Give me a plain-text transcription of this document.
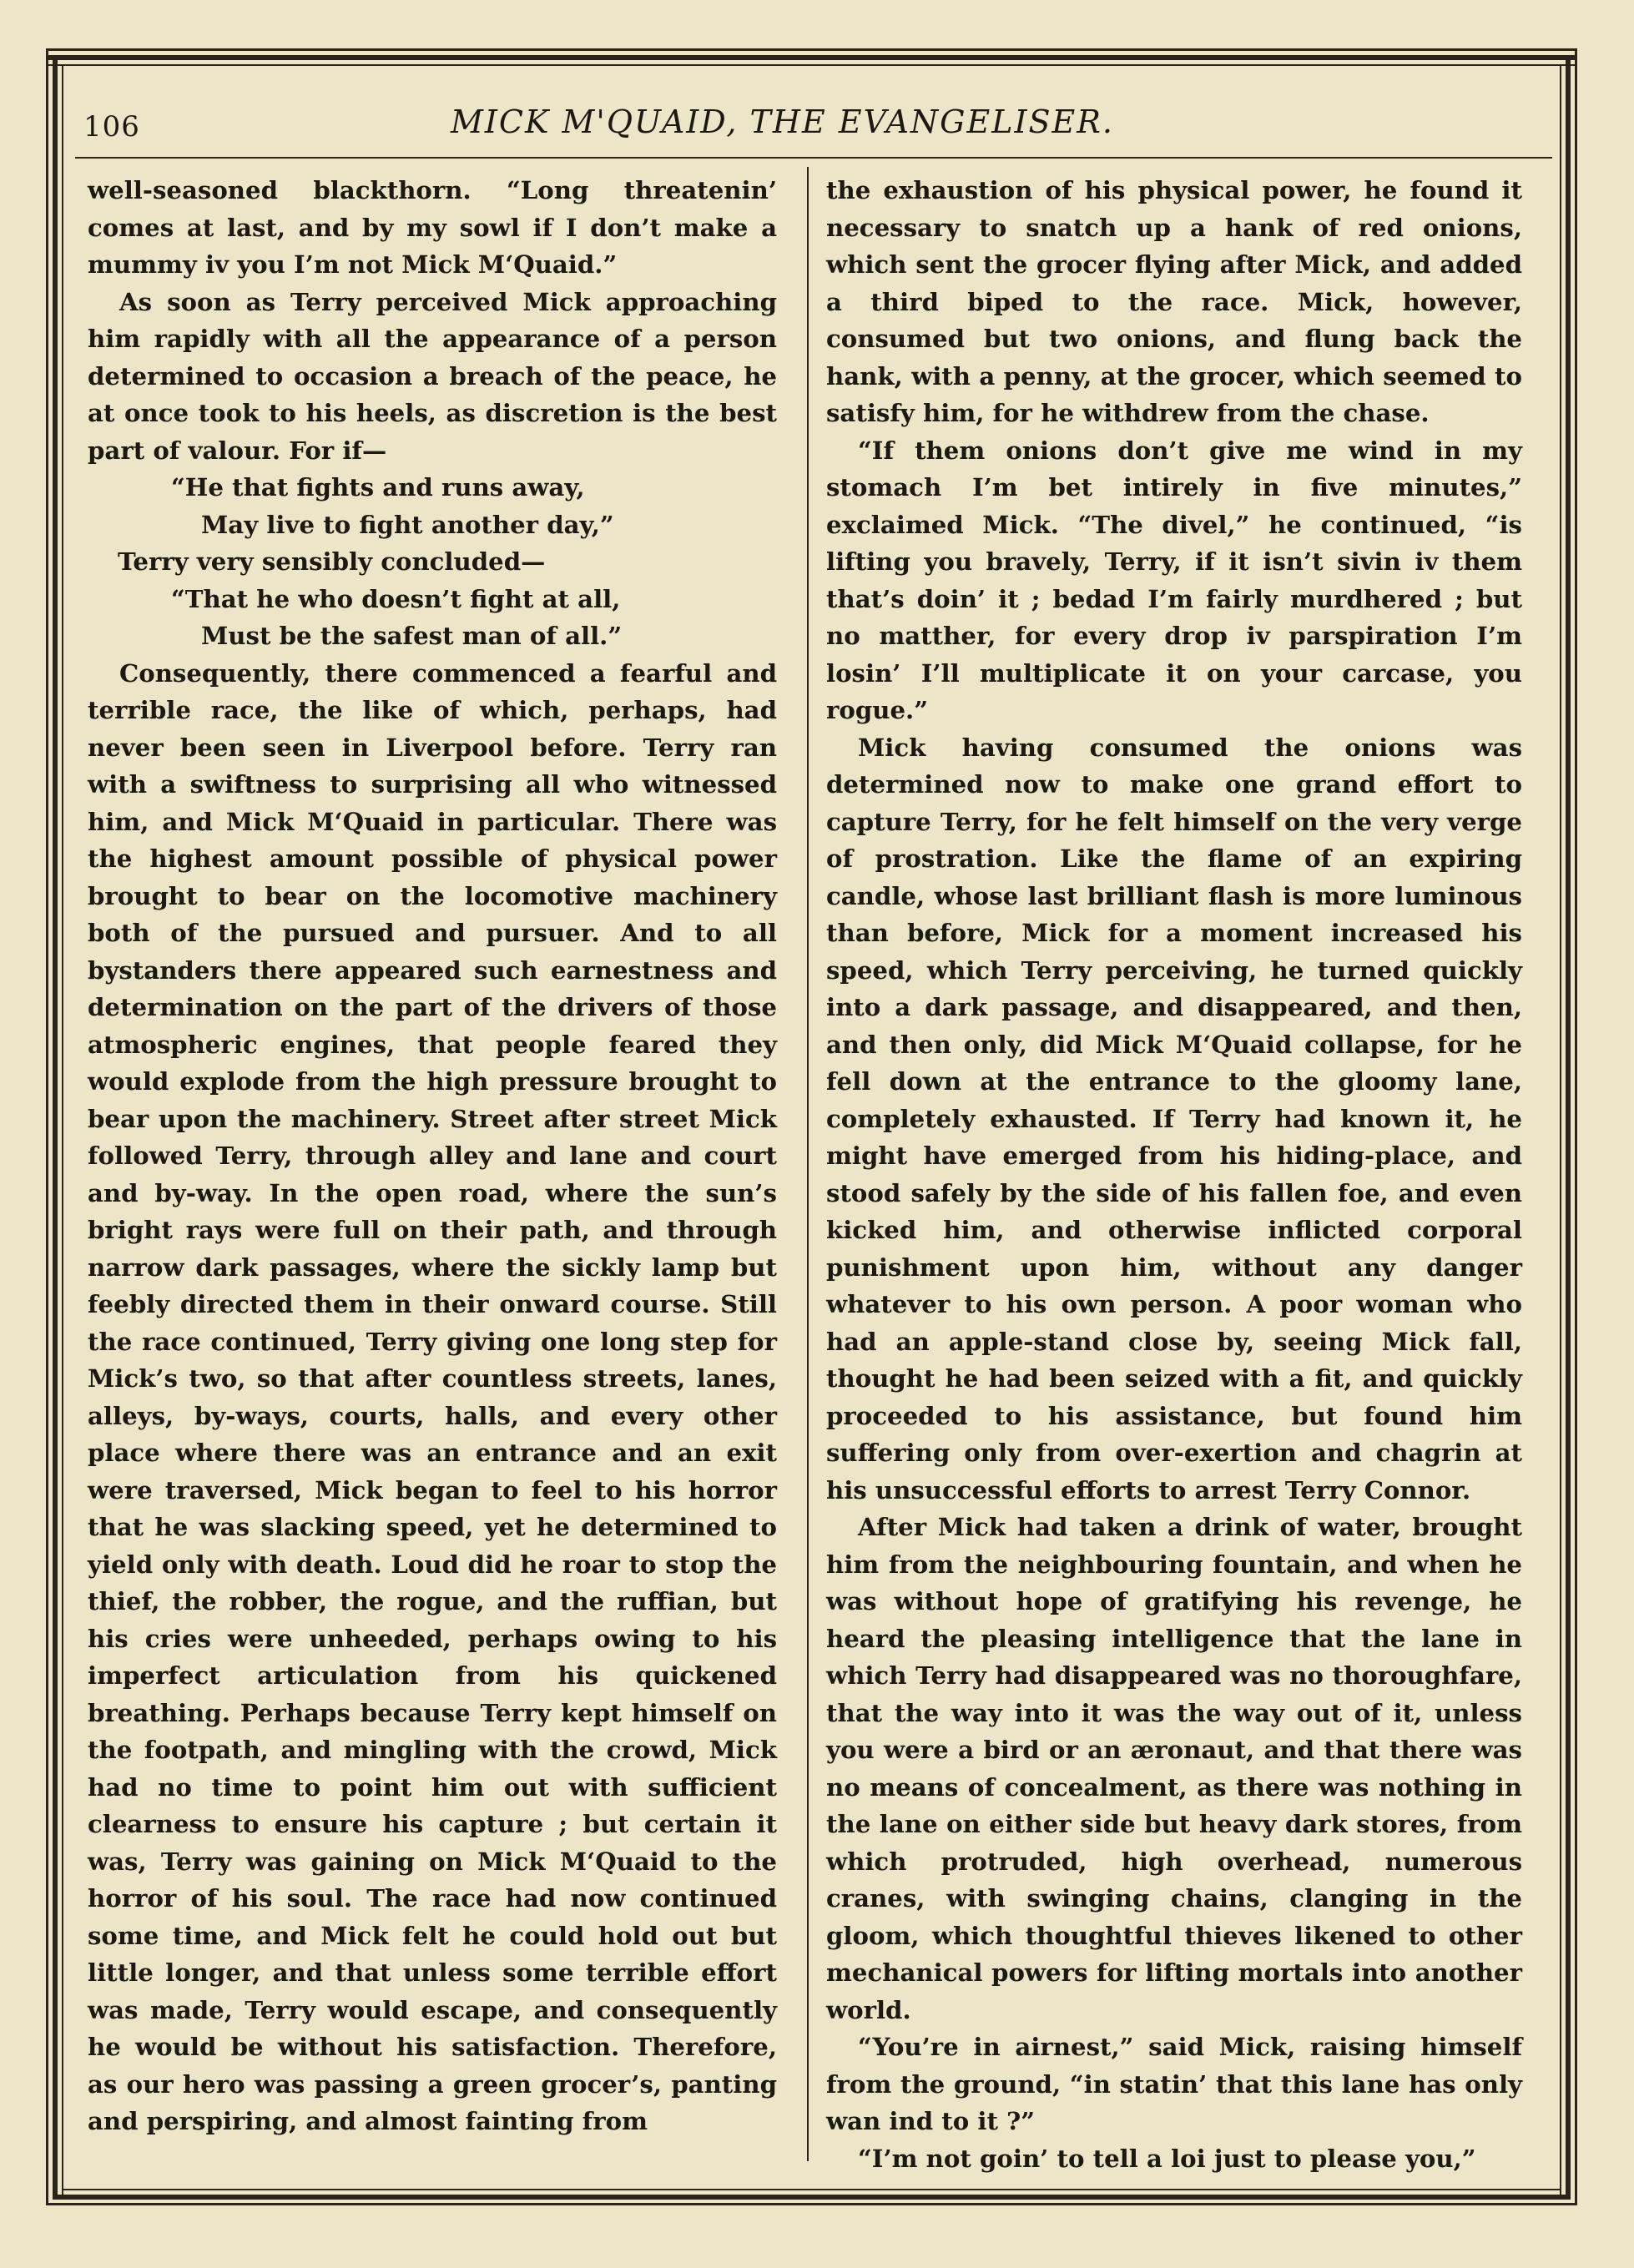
106	MICK M'QUAID, THE EVANGELISER.

well-seasoned blackthorn. “Long threatenin’ comes at last, and by my sowl if I don’t make a mummy iv you I’m not Mick M‘Quaid.”

As soon as Terry perceived Mick approaching him rapidly with all the appearance of a person determined to occasion a breach of the peace, he at once took to his heels, as discretion is the best part of valour. For if—

“He that fights and runs away,

May live to fight another day,”

Terry very sensibly concluded—

“That he who doesn’t fight at all,

Must be the safest man of all.”

Consequently, there commenced a fearful and terrible race, the like of which, perhaps, had never been seen in Liverpool before. Terry ran with a swiftness to surprising all who witnessed him, and Mick M‘Quaid in particular. There was the highest amount possible of physical power brought to bear on the locomotive machinery both of the pursued and pursuer. And to all bystanders there appeared such earnestness and determination on the part of the drivers of those atmospheric engines, that people feared they would explode from the high pressure brought to bear upon the machinery. Street after street Mick followed Terry, through alley and lane and court and by-way. In the open road, where the sun’s bright rays were full on their path, and through narrow dark passages, where the sickly lamp but feebly directed them in their onward course. Still the race continued, Terry giving one long step for Mick’s two, so that after countless streets, lanes, alleys, by-ways, courts, halls, and every other place where there was an entrance and an exit were traversed, Mick began to feel to his horror that he was slacking speed, yet he determined to yield only with death. Loud did he roar to stop the thief, the robber, the rogue, and the ruffian, but his cries were unheeded, perhaps owing to his imperfect articulation from his quickened breathing. Perhaps because Terry kept himself on the footpath, and mingling with the crowd, Mick had no time to point him out with sufficient clearness to ensure his capture ; but certain it was, Terry was gaining on Mick M‘Quaid to the horror of his soul. The race had now continued some time, and Mick felt he could hold out but little longer, and that unless some terrible effort was made, Terry would escape, and consequently he would be without his satisfaction. Therefore, as our hero was passing a green grocer’s, panting and perspiring, and almost fainting from

the exhaustion of his physical power, he found it necessary to snatch up a hank of red onions, which sent the grocer flying after Mick, and added a third biped to the race. Mick, however, consumed but two onions, and flung back the hank, with a penny, at the grocer, which seemed to satisfy him, for he withdrew from the chase.

“If them onions don’t give me wind in my stomach I’m bet intirely in five minutes,” exclaimed Mick. “The divel,” he continued, “is lifting you bravely, Terry, if it isn’t sivin iv them that’s doin’ it ; bedad I’m fairly murdhered ; but no matther, for every drop iv parspiration I’m losin’ I’ll multiplicate it on your carcase, you rogue.”

Mick having consumed the onions was determined now to make one grand effort to capture Terry, for he felt himself on the very verge of prostration. Like the flame of an expiring candle, whose last brilliant flash is more luminous than before, Mick for a moment increased his speed, which Terry perceiving, he turned quickly into a dark passage, and disappeared, and then, and then only, did Mick M‘Quaid collapse, for he fell down at the entrance to the gloomy lane, completely exhausted. If Terry had known it, he might have emerged from his hiding-place, and stood safely by the side of his fallen foe, and even kicked him, and otherwise inflicted corporal punishment upon him, without any danger whatever to his own person. A poor woman who had an apple-stand close by, seeing Mick fall, thought he had been seized with a fit, and quickly proceeded to his assistance, but found him suffering only from over-exertion and chagrin at his unsuccessful efforts to arrest Terry Connor.

After Mick had taken a drink of water, brought him from the neighbouring fountain, and when he was without hope of gratifying his revenge, he heard the pleasing intelligence that the lane in which Terry had disappeared was no thoroughfare, that the way into it was the way out of it, unless you were a bird or an æronaut, and that there was no means of concealment, as there was nothing in the lane on either side but heavy dark stores, from which protruded, high overhead, numerous cranes, with swinging chains, clanging in the gloom, which thoughtful thieves likened to other mechanical powers for lifting mortals into another world.

“You’re in airnest,” said Mick, raising himself from the ground, “in statin’ that this lane has only wan ind to it ?”

“I’m not goin’ to tell a loi just to please you,”
